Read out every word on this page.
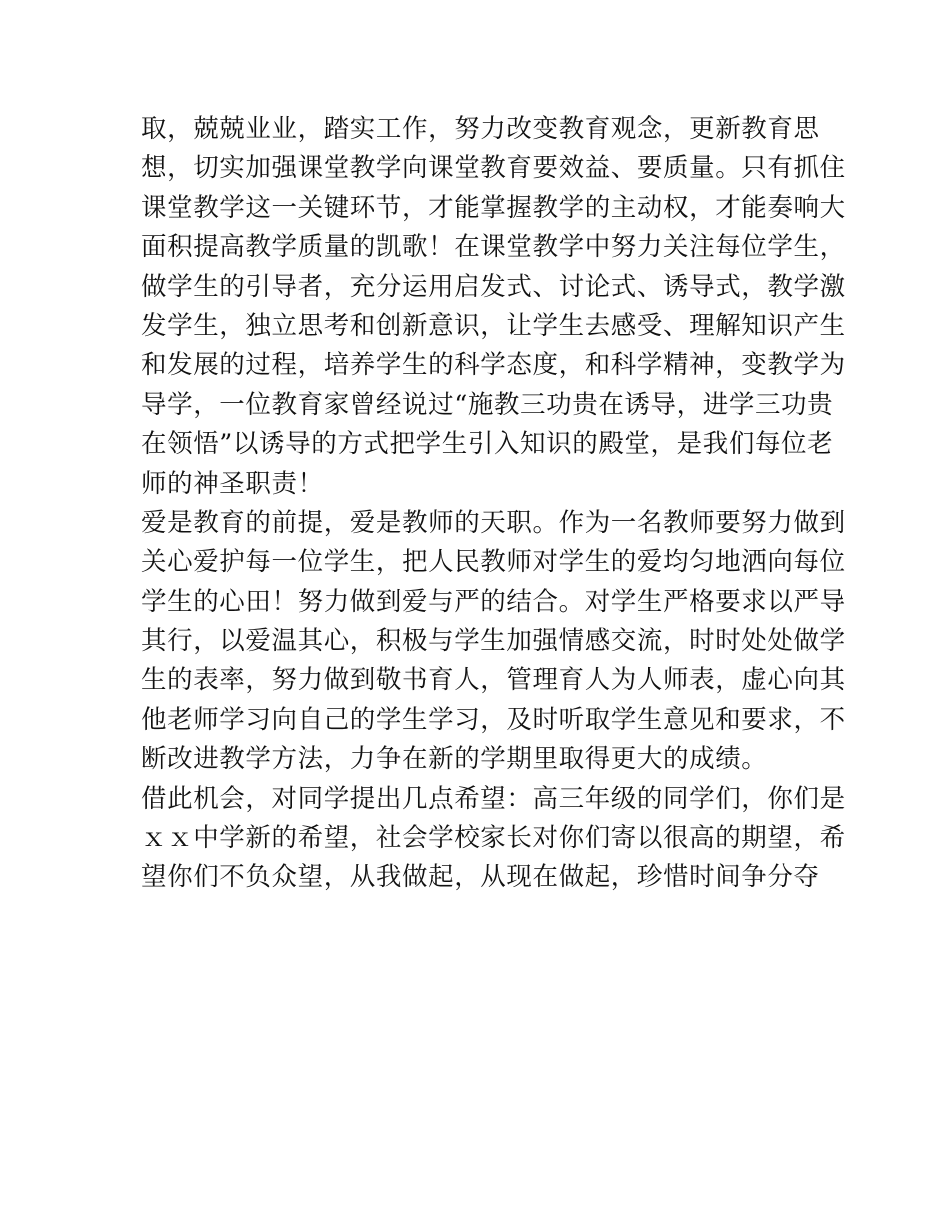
取，兢兢业业，踏实工作，努力改变教育观念，更新教育思
想，切实加强课堂教学向课堂教育要效益、要质量。只有抓住
课堂教学这一关键环节，才能掌握教学的主动权，才能奏响大
面积提高教学质量的凯歌！在课堂教学中努力关注每位学生，
做学生的引导者，充分运用启发式、讨论式、诱导式，教学激
发学生，独立思考和创新意识，让学生去感受、理解知识产生
和发展的过程，培养学生的科学态度，和科学精神，变教学为
导学，一位教育家曾经说过“施教三功贵在诱导，进学三功贵
在领悟”以诱导的方式把学生引入知识的殿堂，是我们每位老
师的神圣职责！
爱是教育的前提，爱是教师的天职。作为一名教师要努力做到
关心爱护每一位学生，把人民教师对学生的爱均匀地洒向每位
学生的心田！努力做到爱与严的结合。对学生严格要求以严导
其行，以爱温其心，积极与学生加强情感交流，时时处处做学
生的表率，努力做到敬书育人，管理育人为人师表，虚心向其
他老师学习向自己的学生学习，及时听取学生意见和要求，不
断改进教学方法，力争在新的学期里取得更大的成绩。
借此机会，对同学提出几点希望：高三年级的同学们，你们是
ｘｘ中学新的希望，社会学校家长对你们寄以很高的期望，希
望你们不负众望，从我做起，从现在做起，珍惜时间争分夺
